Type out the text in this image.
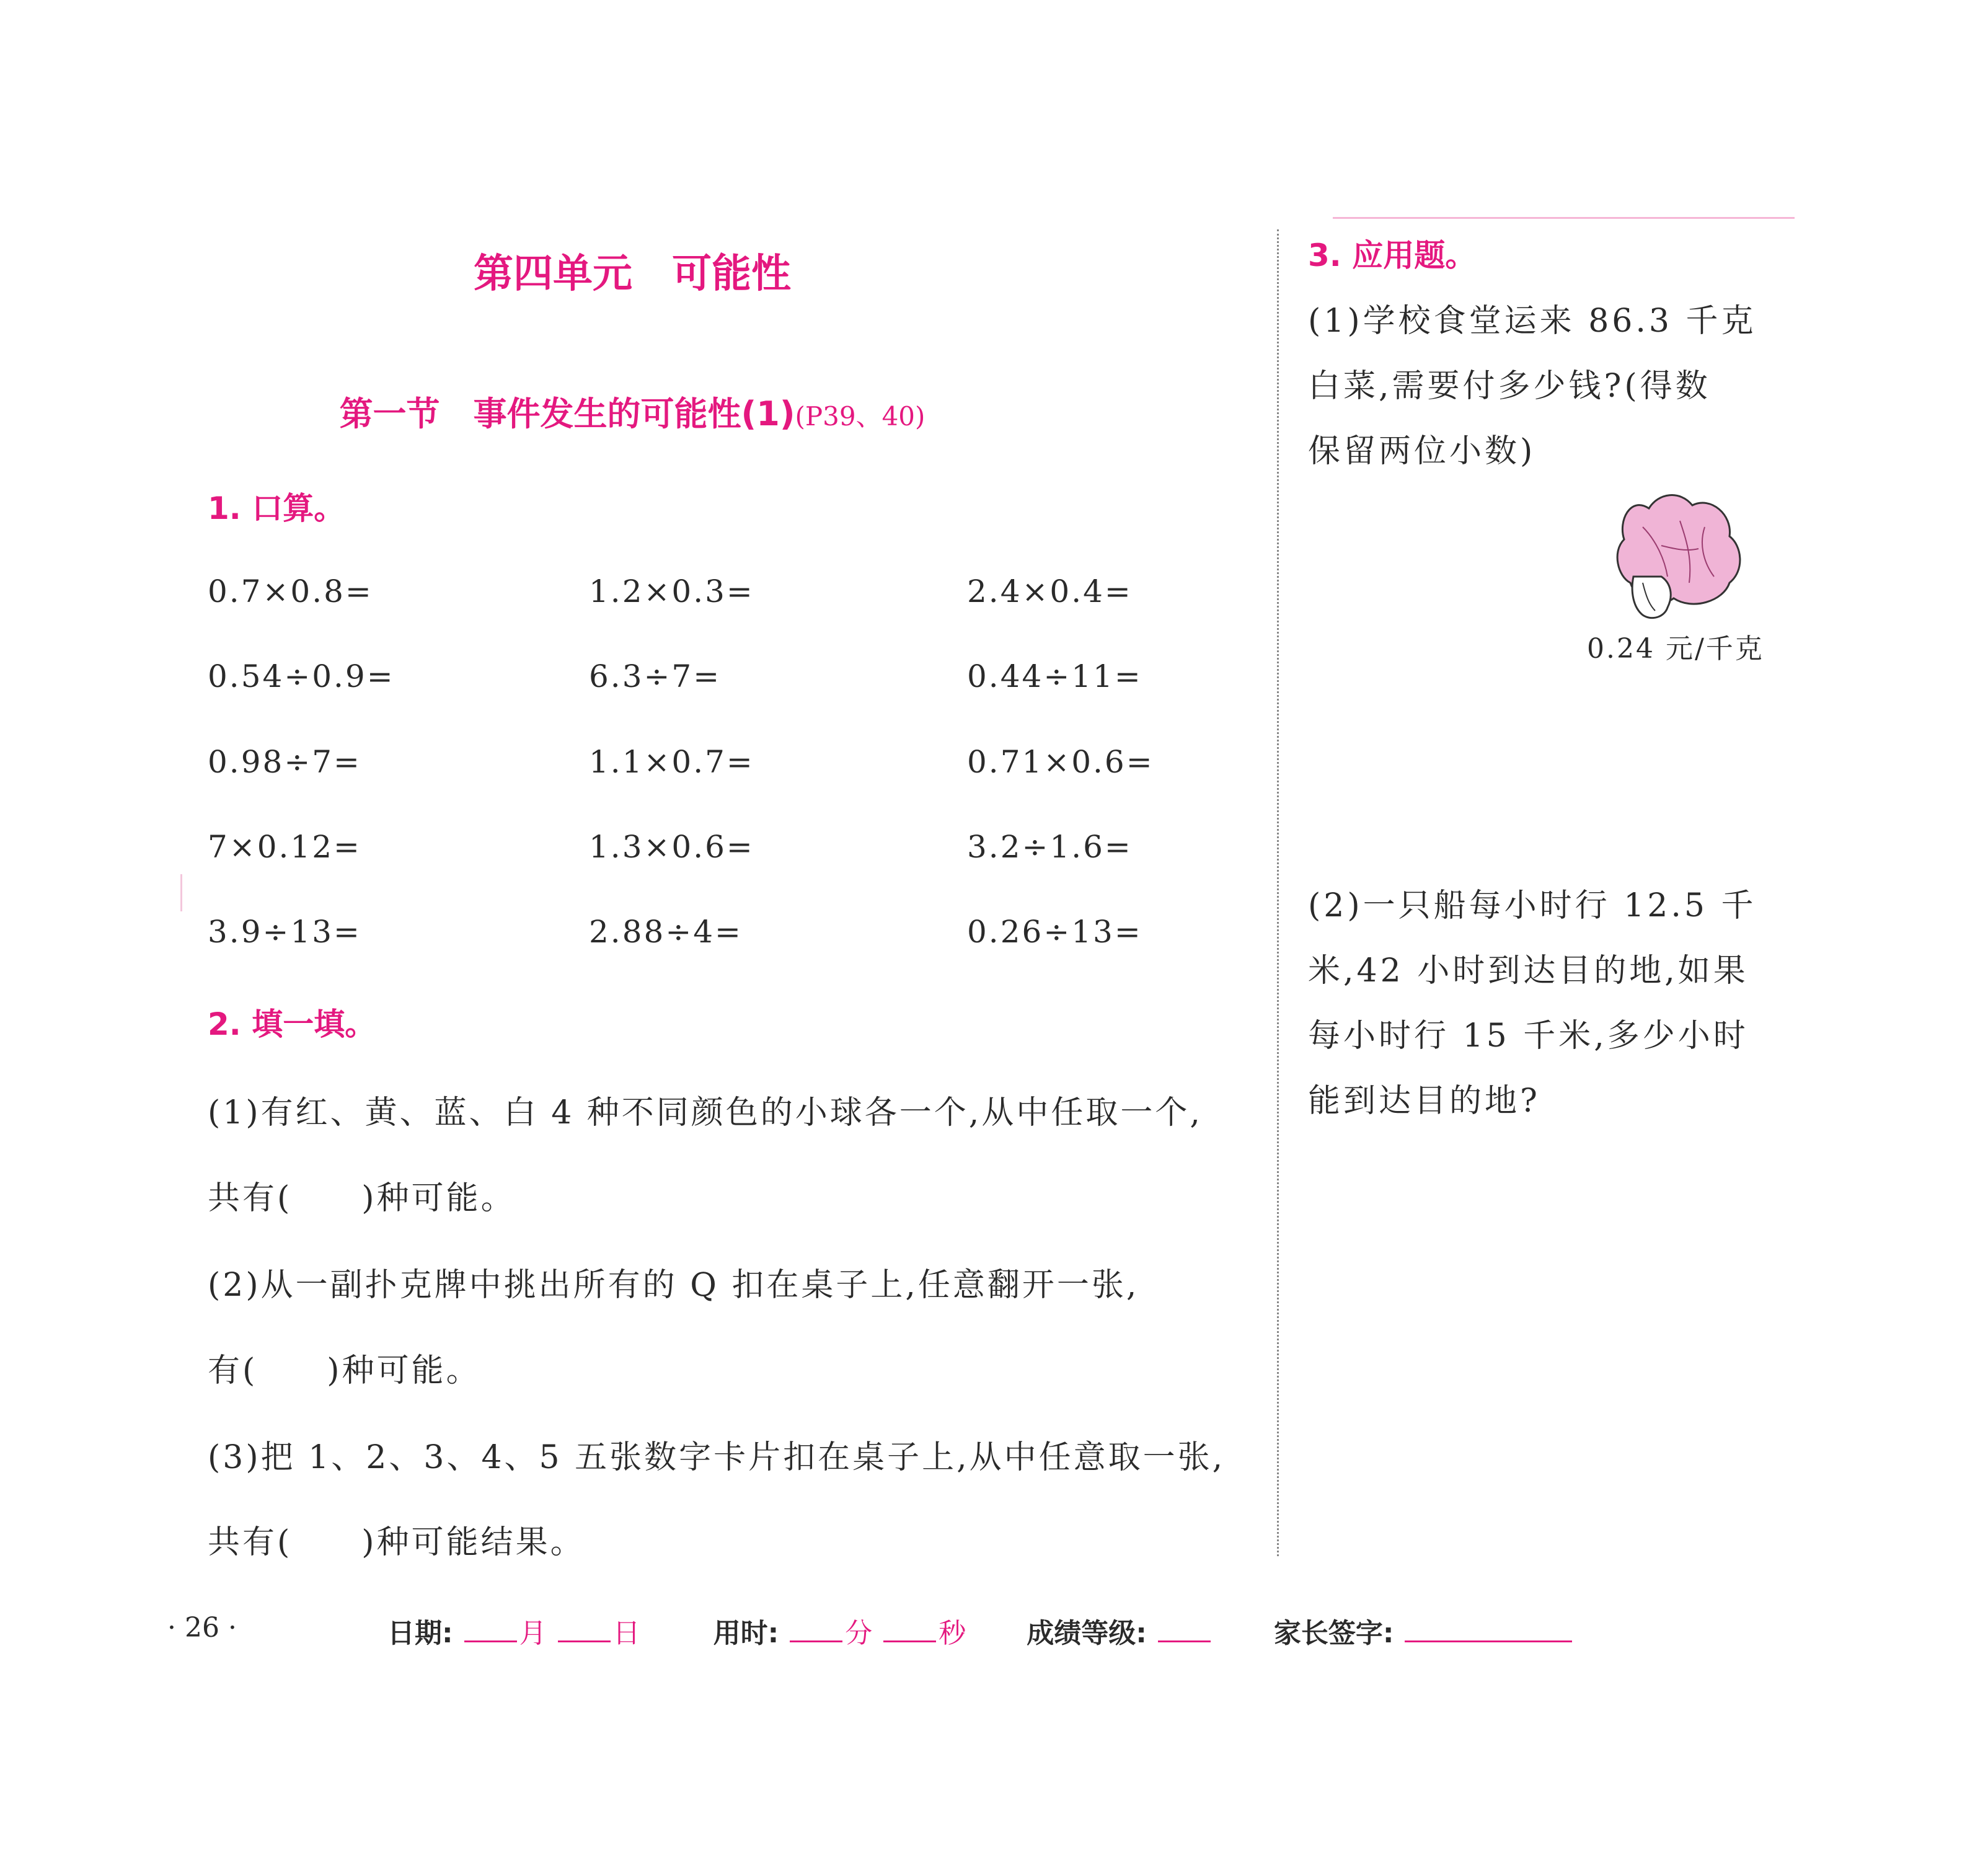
第四单元　可能性
第一节　事件发生的可能性(1)(P39、40)
1. 口算。
0.7×0.8=	1.2×0.3=	2.4×0.4=
0.54÷0.9=	6.3÷7=	0.44÷11=
0.98÷7=	1.1×0.7=	0.71×0.6=
7×0.12=	1.3×0.6=	3.2÷1.6=
3.9÷13=	2.88÷4=	0.26÷13=
2. 填一填。
(1)有红、黄、蓝、白 4 种不同颜色的小球各一个,从中任取一个,
共有(　　)种可能。
(2)从一副扑克牌中挑出所有的 Q 扣在桌子上,任意翻开一张,
有(　　)种可能。
(3)把 1、2、3、4、5 五张数字卡片扣在桌子上,从中任意取一张,
共有(　　)种可能结果。
3. 应用题。
(1)学校食堂运来 86.3 千克
白菜,需要付多少钱?(得数
保留两位小数)
0.24 元/千克
(2)一只船每小时行 12.5 千
米,42 小时到达目的地,如果
每小时行 15 千米,多少小时
能到达目的地?
· 26 ·	日期: 月 日	用时: 分 秒 成绩等级:	家长签字:
